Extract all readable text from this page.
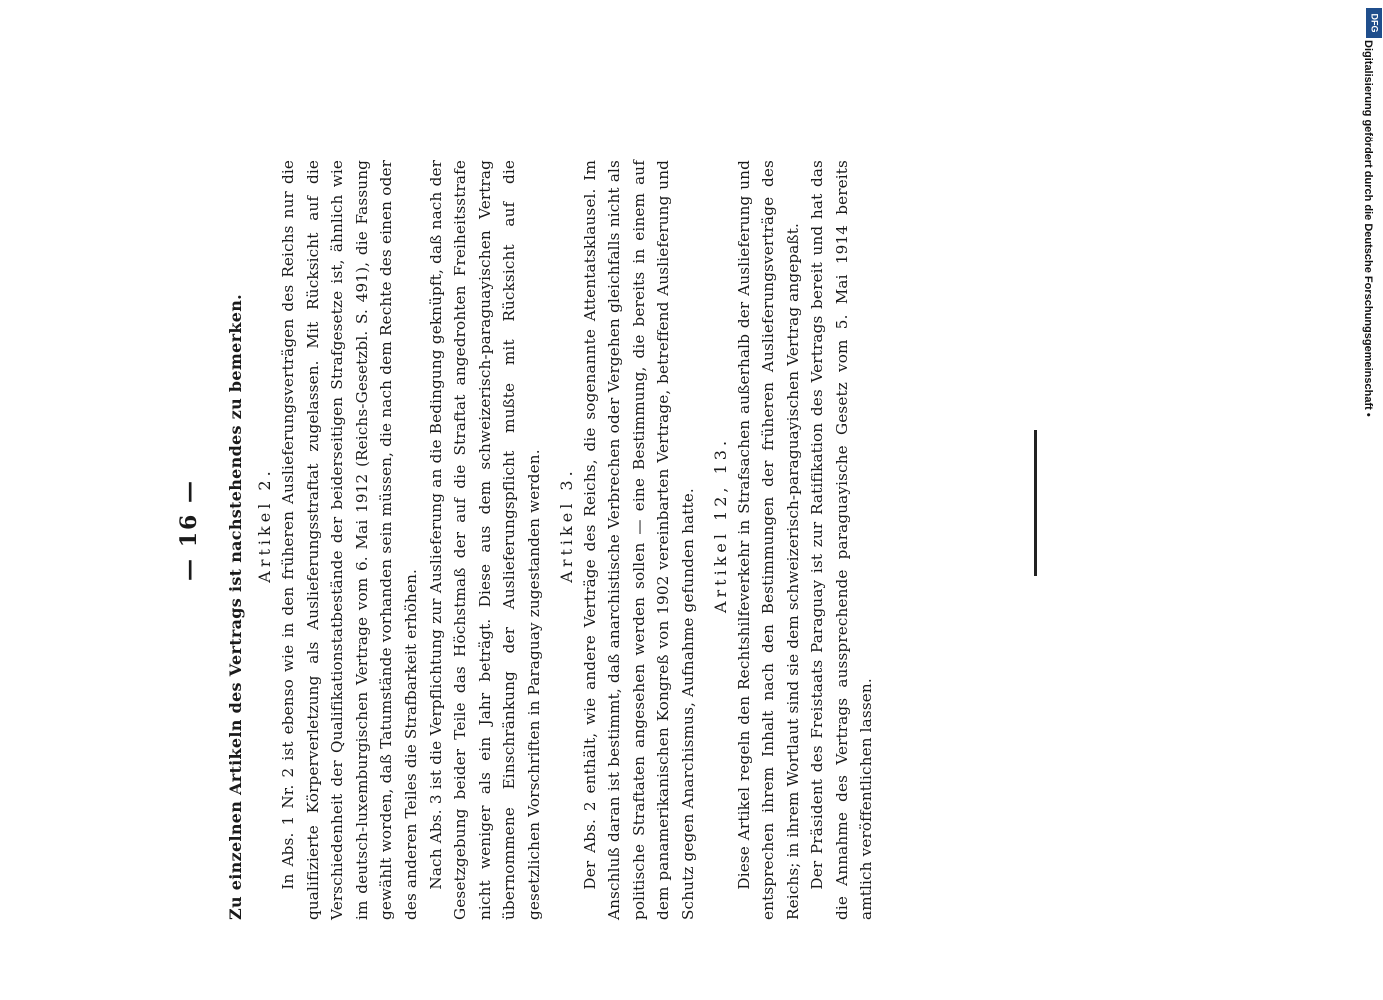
— 16 — Zu einzelnen Artikeln des Vertrags ist nachstehendes zu bemerken. Artikel 2. In Abs. 1 Nr. 2 ist ebenso wie in den früheren Auslieferungsverträgen des Reichs nur die qualifizierte Körperverletzung als Auslieferungsstraftat zugelassen. Mit Rücksicht auf die Verschiedenheit der Qualifikationstatbestände der beiderseitigen Strafgesetze ist, ähnlich wie im deutsch-luxemburgischen Vertrage vom 6. Mai 1912 (Reichs-Gesetzbl. S. 491), die Fassung gewählt worden, daß Tatumstände vorhanden sein müssen, die nach dem Rechte des einen oder des anderen Teiles die Strafbarkeit erhöhen. Nach Abs. 3 ist die Verpflichtung zur Auslieferung an die Bedingung geknüpft, daß nach der Gesetzgebung beider Teile das Höchstmaß der auf die Straftat angedrohten Freiheitsstrafe nicht weniger als ein Jahr beträgt. Diese aus dem schweizerisch-paraguayischen Vertrag übernommene Einschränkung der Auslieferungspflicht mußte mit Rücksicht auf die gesetzlichen Vorschriften in Paraguay zugestanden werden. Artikel 3. Der Abs. 2 enthält, wie andere Verträge des Reichs, die sogenannte Attentatsklausel. Im Anschluß daran ist bestimmt, daß anarchistische Verbrechen oder Vergehen gleichfalls nicht als politische Straftaten angesehen werden sollen — eine Bestimmung, die bereits in einem auf dem panamerikanischen Kongreß von 1902 vereinbarten Vertrage, betreffend Auslieferung und Schutz gegen Anarchismus, Aufnahme gefunden hatte. Artikel 12, 13. Diese Artikel regeln den Rechtshilfeverkehr in Strafsachen außerhalb der Auslieferung und entsprechen ihrem Inhalt nach den Bestimmungen der früheren Auslieferungsverträge des Reichs; in ihrem Wortlaut sind sie dem schweizerisch-paraguayischen Vertrag angepaßt. Der Präsident des Freistaats Paraguay ist zur Ratifikation des Vertrags bereit und hat das die Annahme des Vertrags aussprechende paraguayische Gesetz vom 5. Mai 1914 bereits amtlich veröffentlichen lassen.

DFG
Digitalisierung gefördert durch die Deutsche Forschungsgemeinschaft •
